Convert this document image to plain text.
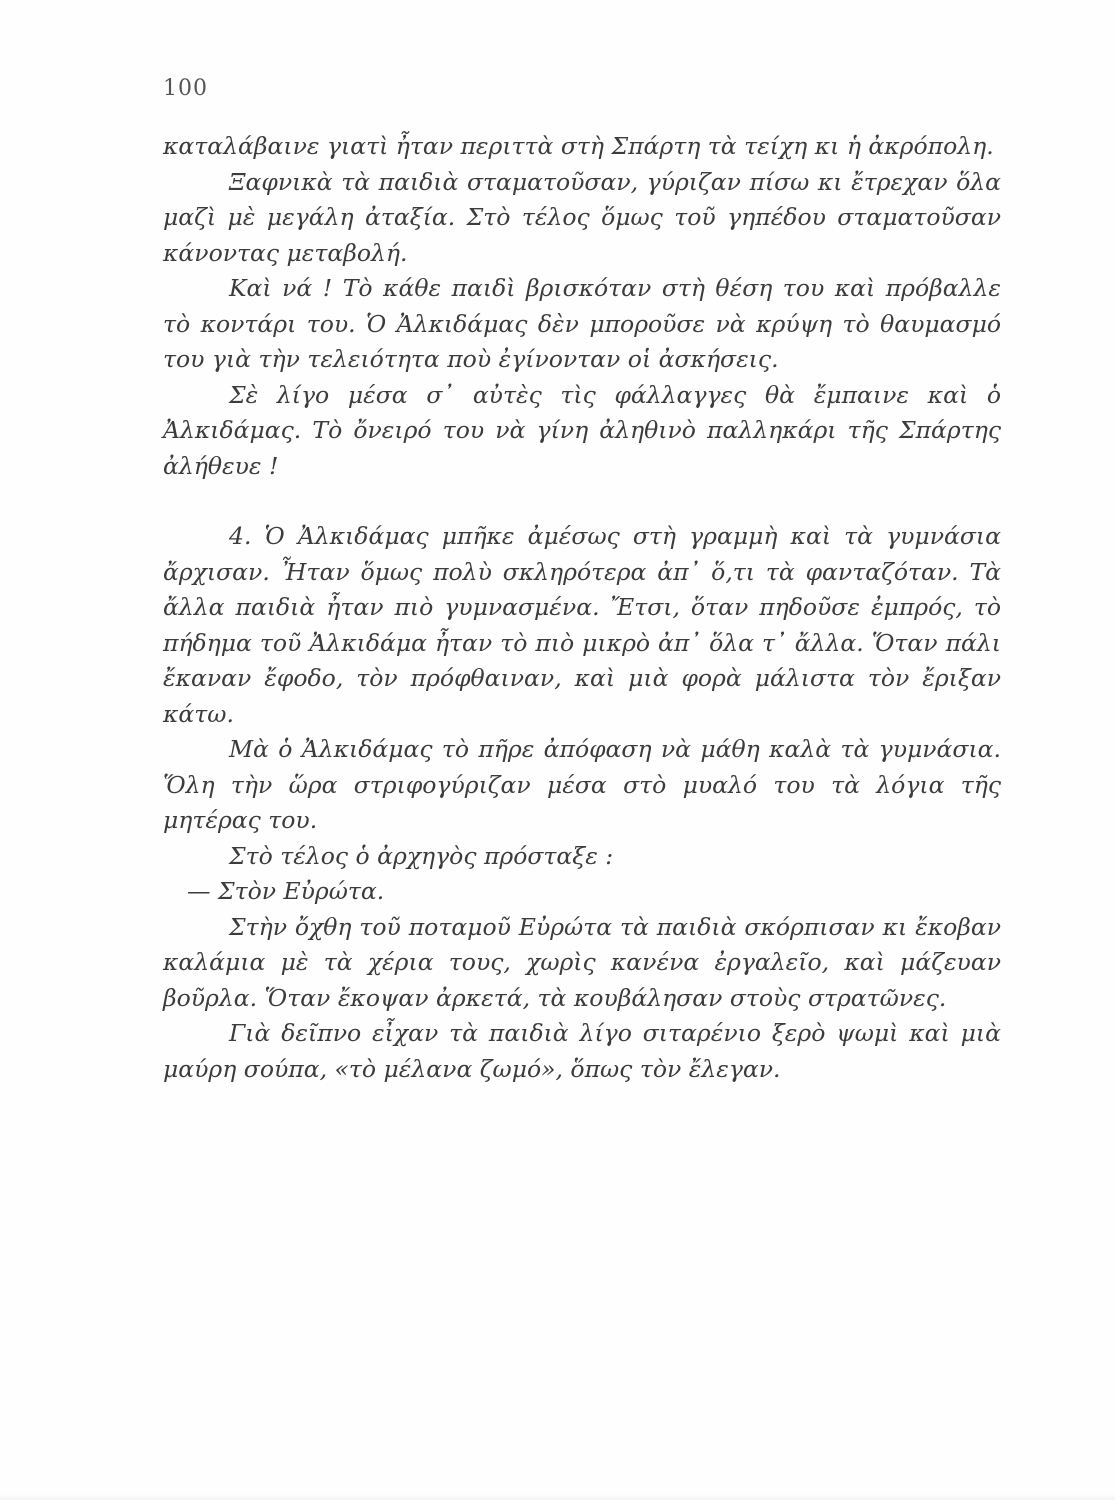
100

καταλάβαινε γιατὶ ἦταν περιττὰ στὴ Σπάρτη τὰ τείχη κι ἡ ἀκρόπολη.

Ξαφνικὰ τὰ παιδιὰ σταματοῦσαν, γύριζαν πίσω κι ἔτρεχαν ὅλα μαζὶ μὲ μεγάλη ἀταξία. Στὸ τέλος ὅμως τοῦ γηπέδου σταματοῦσαν κάνοντας μεταβολή.

Καὶ νά ! Τὸ κάθε παιδὶ βρισκόταν στὴ θέση του καὶ πρόβαλλε τὸ κοντάρι του. Ὁ Ἀλκιδάμας δὲν μποροῦσε νὰ κρύψη τὸ θαυμασμό του γιὰ τὴν τελειότητα ποὺ ἐγίνονταν οἱ ἀσκήσεις.

Σὲ λίγο μέσα σ᾽ αὐτὲς τὶς φάλλαγγες θὰ ἔμπαινε καὶ ὁ Ἀλκιδάμας. Τὸ ὄνειρό του νὰ γίνη ἀληθινὸ παλληκάρι τῆς Σπάρτης ἀλήθευε !

4. Ὁ Ἀλκιδάμας μπῆκε ἀμέσως στὴ γραμμὴ καὶ τὰ γυμνάσια ἄρχισαν. Ἦταν ὅμως πολὺ σκληρότερα ἀπ᾽ ὅ,τι τὰ φανταζόταν. Τὰ ἄλλα παιδιὰ ἦταν πιὸ γυμνασμένα. Ἔτσι, ὅταν πηδοῦσε ἐμπρός, τὸ πήδημα τοῦ Ἀλκιδάμα ἦταν τὸ πιὸ μικρὸ ἀπ᾽ ὅλα τ᾽ ἄλλα. Ὅταν πάλι ἔκαναν ἔφοδο, τὸν πρόφθαιναν, καὶ μιὰ φορὰ μάλιστα τὸν ἔριξαν κάτω.

Μὰ ὁ Ἀλκιδάμας τὸ πῆρε ἀπόφαση νὰ μάθη καλὰ τὰ γυμνάσια. Ὅλη τὴν ὥρα στριφογύριζαν μέσα στὸ μυαλό του τὰ λόγια τῆς μητέρας του.

Στὸ τέλος ὁ ἀρχηγὸς πρόσταξε :

— Στὸν Εὐρώτα.

Στὴν ὄχθη τοῦ ποταμοῦ Εὐρώτα τὰ παιδιὰ σκόρπισαν κι ἔκοβαν καλάμια μὲ τὰ χέρια τους, χωρὶς κανένα ἐργαλεῖο, καὶ μάζευαν βοῦρλα. Ὅταν ἔκοψαν ἀρκετά, τὰ κουβάλησαν στοὺς στρατῶνες.

Γιὰ δεῖπνο εἶχαν τὰ παιδιὰ λίγο σιταρένιο ξερὸ ψωμὶ καὶ μιὰ μαύρη σούπα, «τὸ μέλανα ζωμό», ὅπως τὸν ἔλεγαν.
